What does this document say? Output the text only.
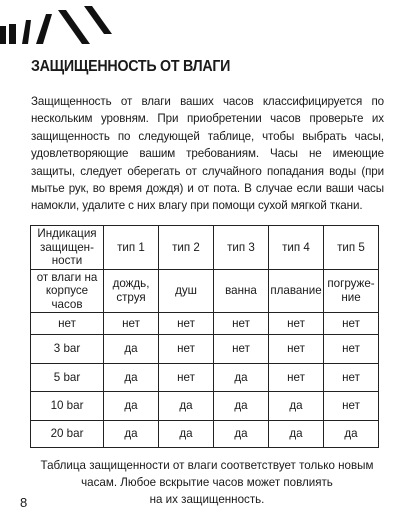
ЗАЩИЩЕННОСТЬ ОТ ВЛАГИ
Защищенность от влаги ваших часов классифицируется по нескольким уровням. При приобретении часов проверьте их защищенность по следующей таблице, чтобы выбрать часы, удовлетворяющие вашим требованиям. Часы не имеющие защиты, следует оберегать от случайного попадания воды (при мытье рук, во время дождя) и от пота. В случае если ваши часы намокли, удалите с них влагу при помощи сухой мягкой ткани.
Индикация защищен-ности	тип 1	тип 2	тип 3	тип 4	тип 5
от влаги на корпусе часов	дождь, струя	душ	ванна	плавание	погруже-ние
нет	нет	нет	нет	нет	нет
3 bar	да	нет	нет	нет	нет
5 bar	да	нет	да	нет	нет
10 bar	да	да	да	да	нет
20 bar	да	да	да	да	да
Таблица защищенности от влаги соответствует только новым
часам. Любое вскрытие часов может повлиять
на их защищенность.
8
